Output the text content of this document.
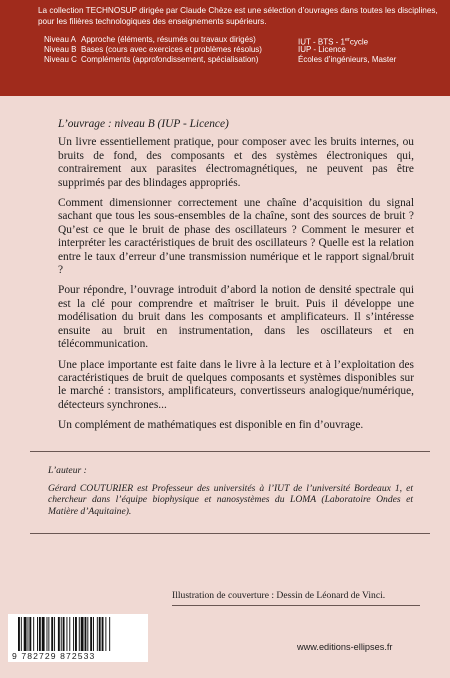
La collection TECHNOSUP dirigée par Claude Chèze est une sélection d’ouvrages dans toutes les disciplines, pour les filières technologiques des enseignements supérieurs.
Niveau A Approche (éléments, résumés ou travaux dirigés)	IUT - BTS - 1ercycle
Niveau B Bases (cours avec exercices et problèmes résolus)	IUP - Licence
Niveau C Compléments (approfondissement, spécialisation)	Écoles d’ingénieurs, Master
L’ouvrage : niveau B (IUP - Licence)

Un livre essentiellement pratique, pour composer avec les bruits internes, ou bruits de fond, des composants et des systèmes électroniques qui, contrairement aux parasites électromagnétiques, ne peuvent pas être supprimés par des blindages appropriés.

Comment dimensionner correctement une chaîne d’acquisition du signal sachant que tous les sous-ensembles de la chaîne, sont des sources de bruit ? Qu’est ce que le bruit de phase des oscillateurs ? Comment le mesurer et interpréter les caractéristiques de bruit des oscillateurs ? Quelle est la relation entre le taux d’erreur d’une transmission numérique et le rapport signal/bruit ?

Pour répondre, l’ouvrage introduit d’abord la notion de densité spectrale qui est la clé pour comprendre et maîtriser le bruit. Puis il développe une modélisation du bruit dans les composants et amplificateurs. Il s’intéresse ensuite au bruit en instrumentation, dans les oscillateurs et en télécommunication.

Une place importante est faite dans le livre à la lecture et à l’exploitation des caractéristiques de bruit de quelques composants et systèmes disponibles sur le marché : transistors, amplificateurs, convertisseurs analogique/numérique, détecteurs synchrones...

Un complément de mathématiques est disponible en fin d’ouvrage.

L’auteur :

Gérard COUTURIER est Professeur des universités à l’IUT de l’université Bordeaux 1, et chercheur dans l’équipe biophysique et nanosystèmes du LOMA (Laboratoire Ondes et Matière d’Aquitaine).

Illustration de couverture : Dessin de Léonard de Vinci.
9 782729 872533
www.editions-ellipses.fr
